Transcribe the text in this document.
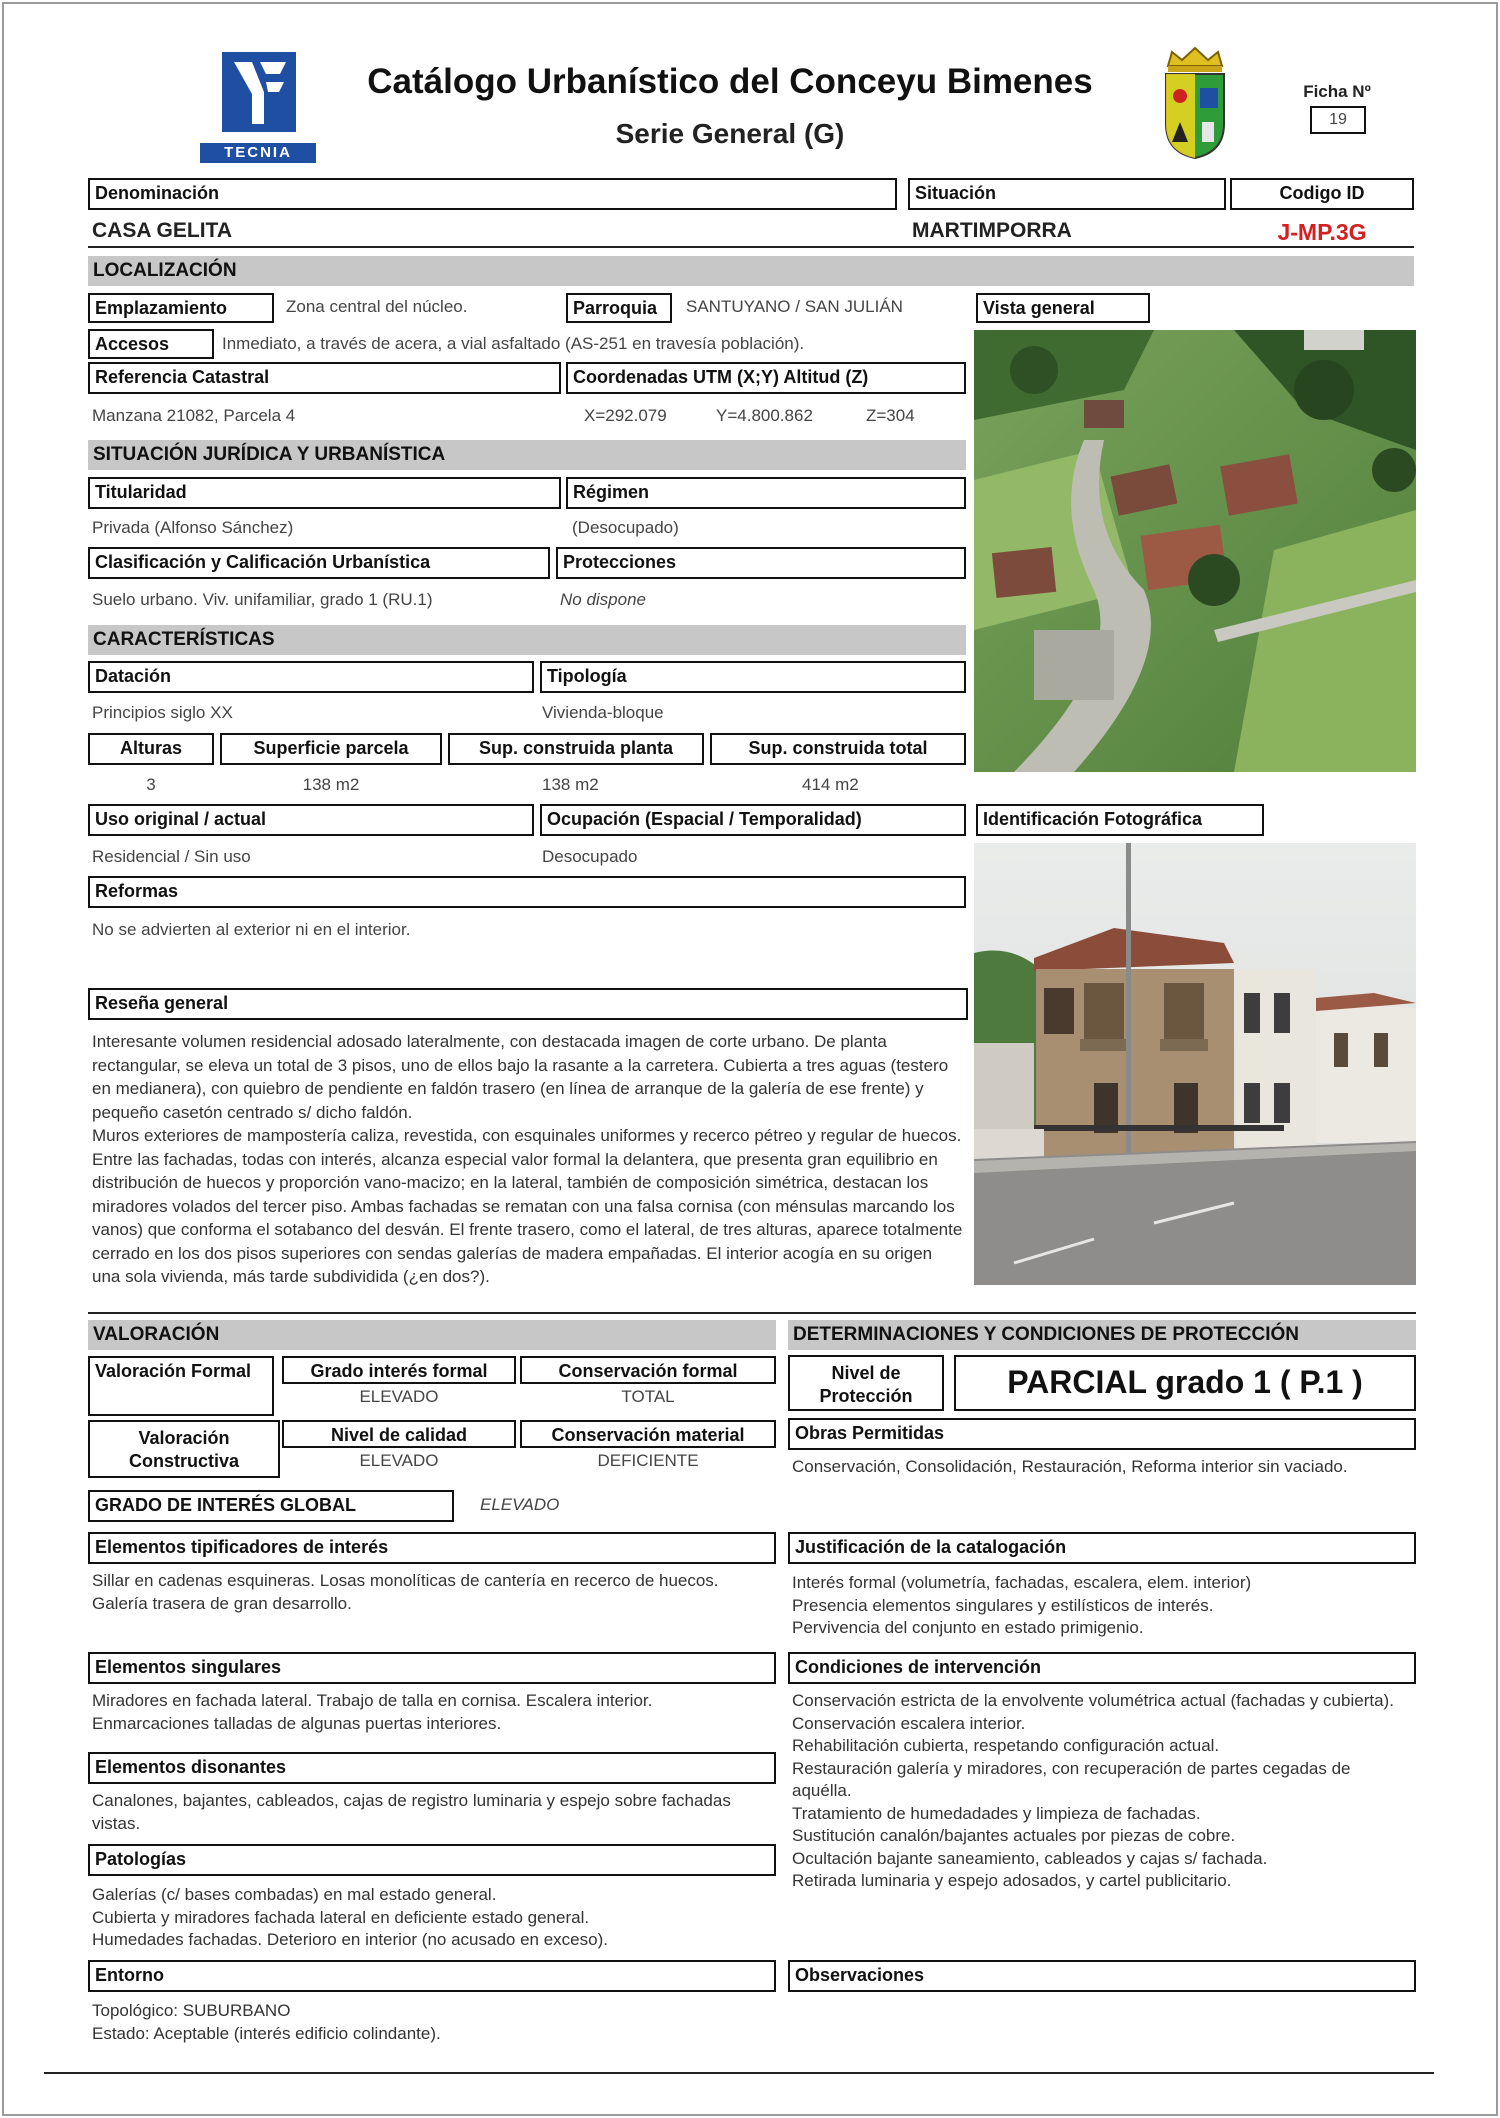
TECNIA
Catálogo Urbanístico del Conceyu Bimenes
Serie General (G)
Ficha Nº
19
Denominación	Situación	Codigo ID
CASA GELITA	MARTIMPORRA	J-MP.3G
LOCALIZACIÓN
Emplazamiento	Zona central del núcleo.	Parroquia	SANTUYANO / SAN JULIÁN
Accesos	Inmediato, a través de acera, a vial asfaltado (AS-251 en travesía población).
Referencia Catastral	Coordenadas UTM (X;Y) Altitud (Z)
Manzana 21082, Parcela 4	X=292.079	Y=4.800.862	Z=304
SITUACIÓN JURÍDICA Y URBANÍSTICA
Titularidad	Régimen
Privada (Alfonso Sánchez)	(Desocupado)
Clasificación y Calificación Urbanística	Protecciones
Suelo urbano. Viv. unifamiliar, grado 1 (RU.1)	No dispone
CARACTERÍSTICAS
Datación	Tipología
Principios siglo XX	Vivienda-bloque
Alturas	Superficie parcela	Sup. construida planta	Sup. construida total
3	138 m2	138 m2	414 m2
Uso original / actual	Ocupación (Espacial / Temporalidad)
Residencial / Sin uso	Desocupado
Reformas
No se advierten al exterior ni en el interior.
Vista general
Identificación Fotográfica
Reseña general

Interesante volumen residencial adosado lateralmente, con destacada imagen de corte urbano. De planta rectangular, se eleva un total de 3 pisos, uno de ellos bajo la rasante a la carretera. Cubierta a tres aguas (testero en medianera), con quiebro de pendiente en faldón trasero (en línea de arranque de la galería de ese frente) y pequeño casetón centrado s/ dicho faldón.

Muros exteriores de mampostería caliza, revestida, con esquinales uniformes y recerco pétreo y regular de huecos. Entre las fachadas, todas con interés, alcanza especial valor formal la delantera, que presenta gran equilibrio en distribución de huecos y proporción vano-macizo; en la lateral, también de composición simétrica, destacan los miradores volados del tercer piso. Ambas fachadas se rematan con una falsa cornisa (con ménsulas marcando los vanos) que conforma el sotabanco del desván. El frente trasero, como el lateral, de tres alturas, aparece totalmente cerrado en los dos pisos superiores con sendas galerías de madera empañadas. El interior acogía en su origen una sola vivienda, más tarde subdividida (¿en dos?).

VALORACIÓN
Valoración Formal	Grado interés formal	Conservación formal
ELEVADO	TOTAL
Valoración Constructiva
Nivel de calidad	Conservación material
ELEVADO	DEFICIENTE
GRADO DE INTERÉS GLOBAL	ELEVADO
Elementos tipificadores de interés
Sillar en cadenas esquineras. Losas monolíticas de cantería en recerco de huecos. Galería trasera de gran desarrollo.
Elementos singulares
Miradores en fachada lateral. Trabajo de talla en cornisa. Escalera interior. Enmarcaciones talladas de algunas puertas interiores.
Elementos disonantes
Canalones, bajantes, cableados, cajas de registro luminaria y espejo sobre fachadas vistas.
Patologías

Galerías (c/ bases combadas) en mal estado general.

Cubierta y miradores fachada lateral en deficiente estado general.

Humedades fachadas. Deterioro en interior (no acusado en exceso).

Entorno

Topológico: SUBURBANO

Estado: Aceptable (interés edificio colindante).

DETERMINACIONES Y CONDICIONES DE PROTECCIÓN
Nivel de Protección	PARCIAL grado 1 ( P.1 )
Obras Permitidas
Conservación, Consolidación, Restauración, Reforma interior sin vaciado.
Justificación de la catalogación

Interés formal (volumetría, fachadas, escalera, elem. interior)

Presencia elementos singulares y estilísticos de interés.

Pervivencia del conjunto en estado primigenio.

Condiciones de intervención

Conservación estricta de la envolvente volumétrica actual (fachadas y cubierta). Conservación escalera interior.

Rehabilitación cubierta, respetando configuración actual.

Restauración galería y miradores, con recuperación de partes cegadas de aquélla.

Tratamiento de humedadades y limpieza de fachadas.

Sustitución canalón/bajantes actuales por piezas de cobre.

Ocultación bajante saneamiento, cableados y cajas s/ fachada.

Retirada luminaria y espejo adosados, y cartel publicitario.

Observaciones
